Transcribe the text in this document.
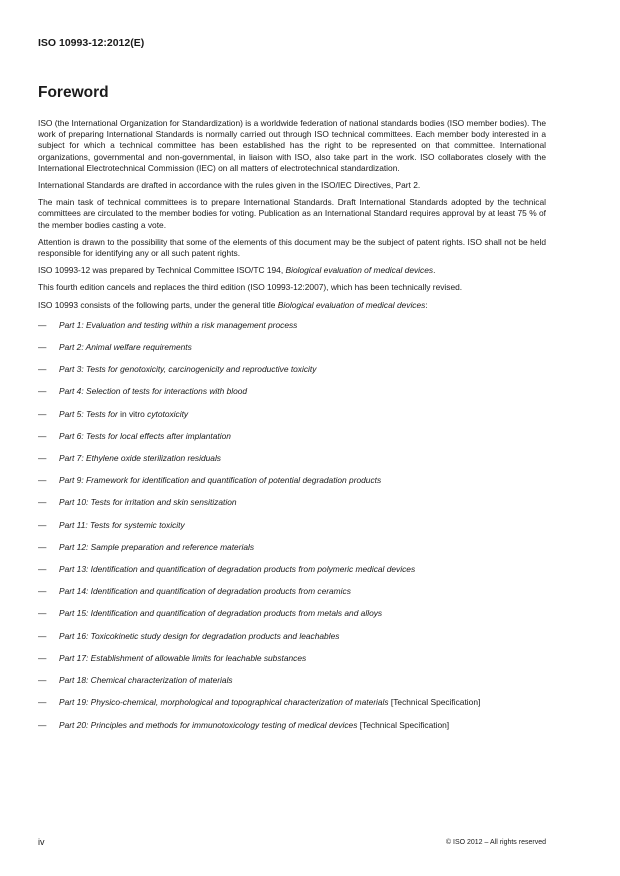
ISO 10993-12:2012(E)
Foreword

ISO (the International Organization for Standardization) is a worldwide federation of national standards bodies (ISO member bodies). The work of preparing International Standards is normally carried out through ISO technical committees. Each member body interested in a subject for which a technical committee has been established has the right to be represented on that committee. International organizations, governmental and non-governmental, in liaison with ISO, also take part in the work. ISO collaborates closely with the International Electrotechnical Commission (IEC) on all matters of electrotechnical standardization.

International Standards are drafted in accordance with the rules given in the ISO/IEC Directives, Part 2.

The main task of technical committees is to prepare International Standards. Draft International Standards adopted by the technical committees are circulated to the member bodies for voting. Publication as an International Standard requires approval by at least 75 % of the member bodies casting a vote.

Attention is drawn to the possibility that some of the elements of this document may be the subject of patent rights. ISO shall not be held responsible for identifying any or all such patent rights.

ISO 10993-12 was prepared by Technical Committee ISO/TC 194, Biological evaluation of medical devices.

This fourth edition cancels and replaces the third edition (ISO 10993-12:2007), which has been technically revised.

ISO 10993 consists of the following parts, under the general title Biological evaluation of medical devices:

—	Part 1: Evaluation and testing within a risk management process
—	Part 2: Animal welfare requirements
—	Part 3: Tests for genotoxicity, carcinogenicity and reproductive toxicity
—	Part 4: Selection of tests for interactions with blood
—	Part 5: Tests for in vitro cytotoxicity
—	Part 6: Tests for local effects after implantation
—	Part 7: Ethylene oxide sterilization residuals
—	Part 9: Framework for identification and quantification of potential degradation products
—	Part 10: Tests for irritation and skin sensitization
—	Part 11: Tests for systemic toxicity
—	Part 12: Sample preparation and reference materials
—	Part 13: Identification and quantification of degradation products from polymeric medical devices
—	Part 14: Identification and quantification of degradation products from ceramics
—	Part 15: Identification and quantification of degradation products from metals and alloys
—	Part 16: Toxicokinetic study design for degradation products and leachables
—	Part 17: Establishment of allowable limits for leachable substances
—	Part 18: Chemical characterization of materials
—	Part 19: Physico-chemical, morphological and topographical characterization of materials [Technical Specification]
—	Part 20: Principles and methods for immunotoxicology testing of medical devices [Technical Specification]
iv	© ISO 2012 – All rights reserved
